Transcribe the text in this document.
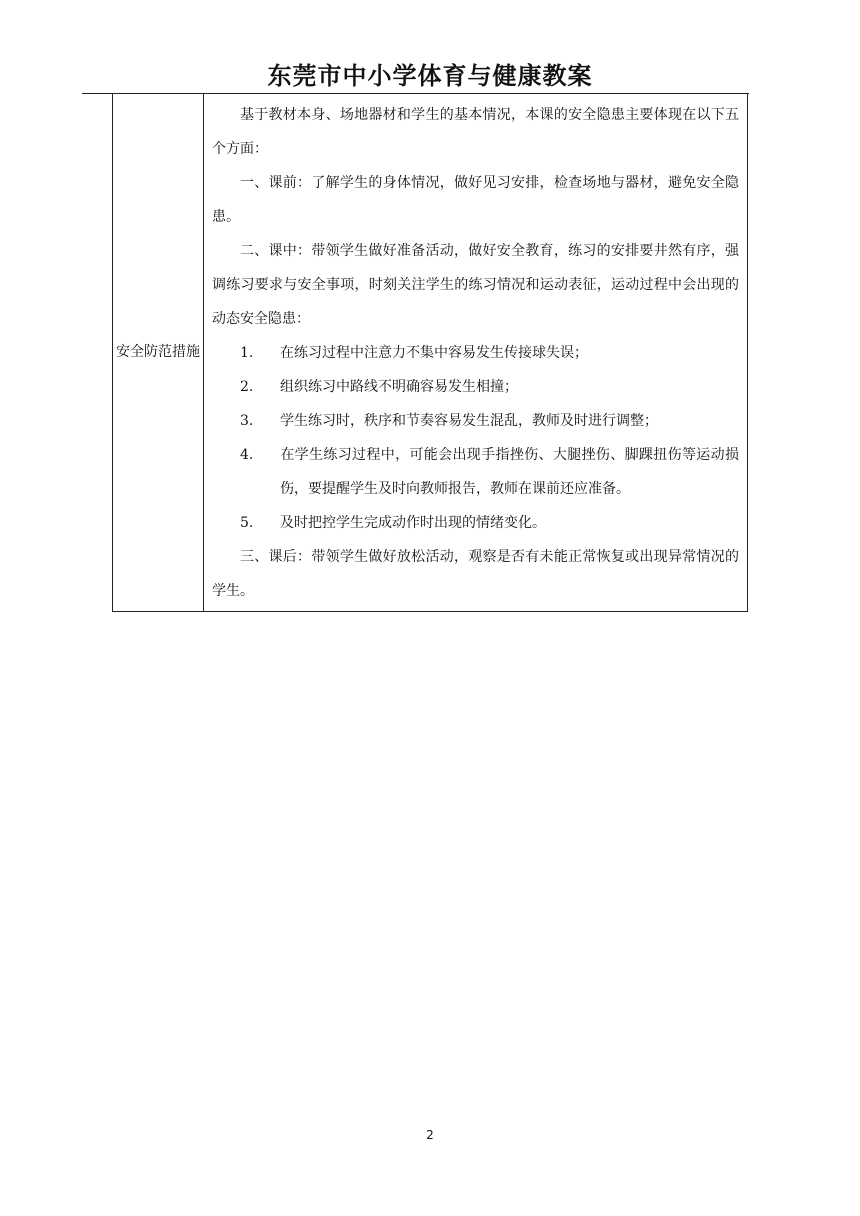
东莞市中小学体育与健康教案
安全防范措施	

基于教材本身、场地器材和学生的基本情况，本课的安全隐患主要体现在以下五个方面：

一、课前：了解学生的身体情况，做好见习安排，检查场地与器材，避免安全隐患。

二、课中：带领学生做好准备活动，做好安全教育，练习的安排要井然有序，强调练习要求与安全事项，时刻关注学生的练习情况和运动表征，运动过程中会出现的动态安全隐患：

1. 在练习过程中注意力不集中容易发生传接球失误；

2. 组织练习中路线不明确容易发生相撞；

3. 学生练习时，秩序和节奏容易发生混乱，教师及时进行调整；

4. 在学生练习过程中，可能会出现手指挫伤、大腿挫伤、脚踝扭伤等运动损伤，要提醒学生及时向教师报告，教师在课前还应准备。

5. 及时把控学生完成动作时出现的情绪变化。

三、课后：带领学生做好放松活动，观察是否有未能正常恢复或出现异常情况的学生。

2
